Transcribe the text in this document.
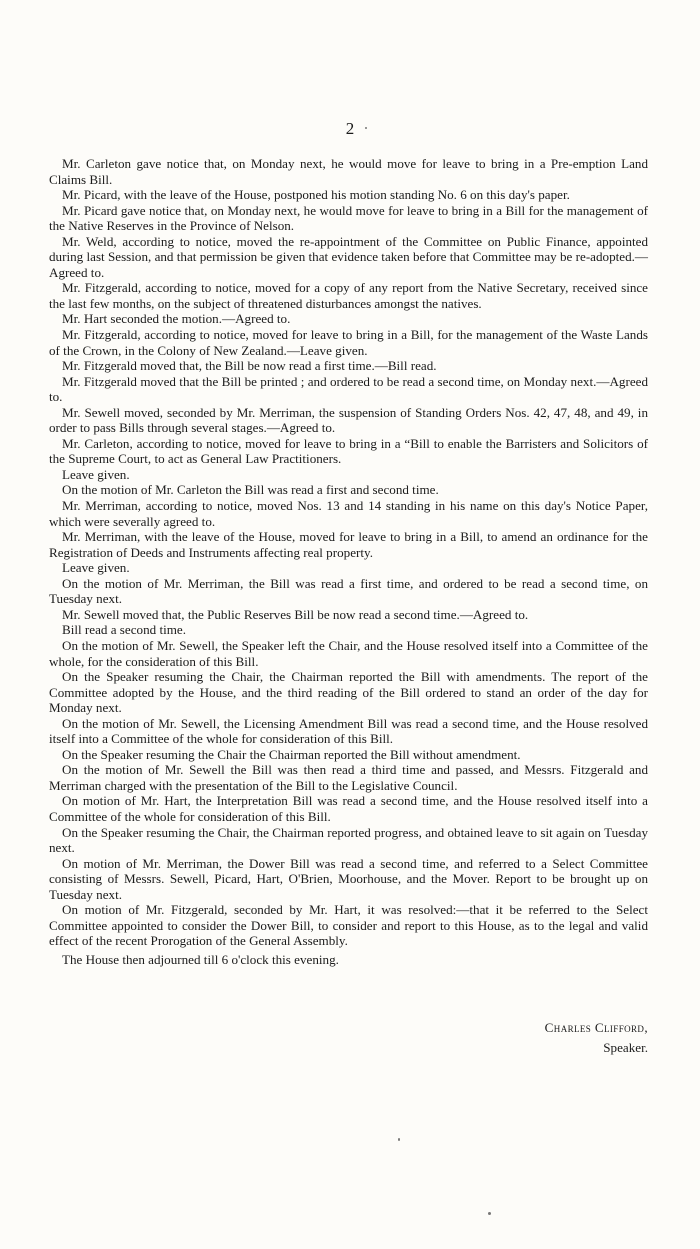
2

Mr. Carleton gave notice that, on Monday next, he would move for leave to bring in a Pre-emption Land Claims Bill.

Mr. Picard, with the leave of the House, postponed his motion standing No. 6 on this day's paper.

Mr. Picard gave notice that, on Monday next, he would move for leave to bring in a Bill for the management of the Native Reserves in the Province of Nelson.

Mr. Weld, according to notice, moved the re-appointment of the Committee on Public Finance, appointed during last Session, and that permission be given that evidence taken before that Committee may be re-adopted.—Agreed to.

Mr. Fitzgerald, according to notice, moved for a copy of any report from the Native Secretary, received since the last few months, on the subject of threatened disturbances amongst the natives.

Mr. Hart seconded the motion.—Agreed to.

Mr. Fitzgerald, according to notice, moved for leave to bring in a Bill, for the management of the Waste Lands of the Crown, in the Colony of New Zealand.—Leave given.

Mr. Fitzgerald moved that, the Bill be now read a first time.—Bill read.

Mr. Fitzgerald moved that the Bill be printed ; and ordered to be read a second time, on Monday next.—Agreed to.

Mr. Sewell moved, seconded by Mr. Merriman, the suspension of Standing Orders Nos. 42, 47, 48, and 49, in order to pass Bills through several stages.—Agreed to.

Mr. Carleton, according to notice, moved for leave to bring in a “Bill to enable the Barristers and Solicitors of the Supreme Court, to act as General Law Practitioners.

Leave given.

On the motion of Mr. Carleton the Bill was read a first and second time.

Mr. Merriman, according to notice, moved Nos. 13 and 14 standing in his name on this day's Notice Paper, which were severally agreed to.

Mr. Merriman, with the leave of the House, moved for leave to bring in a Bill, to amend an ordinance for the Registration of Deeds and Instruments affecting real property.

Leave given.

On the motion of Mr. Merriman, the Bill was read a first time, and ordered to be read a second time, on Tuesday next.

Mr. Sewell moved that, the Public Reserves Bill be now read a second time.—Agreed to.

Bill read a second time.

On the motion of Mr. Sewell, the Speaker left the Chair, and the House resolved itself into a Committee of the whole, for the consideration of this Bill.

On the Speaker resuming the Chair, the Chairman reported the Bill with amendments. The report of the Committee adopted by the House, and the third reading of the Bill ordered to stand an order of the day for Monday next.

On the motion of Mr. Sewell, the Licensing Amendment Bill was read a second time, and the House resolved itself into a Committee of the whole for consideration of this Bill.

On the Speaker resuming the Chair the Chairman reported the Bill without amendment.

On the motion of Mr. Sewell the Bill was then read a third time and passed, and Messrs. Fitzgerald and Merriman charged with the presentation of the Bill to the Legislative Council.

On motion of Mr. Hart, the Interpretation Bill was read a second time, and the House resolved itself into a Committee of the whole for consideration of this Bill.

On the Speaker resuming the Chair, the Chairman reported progress, and obtained leave to sit again on Tuesday next.

On motion of Mr. Merriman, the Dower Bill was read a second time, and referred to a Select Committee consisting of Messrs. Sewell, Picard, Hart, O'Brien, Moorhouse, and the Mover. Report to be brought up on Tuesday next.

On motion of Mr. Fitzgerald, seconded by Mr. Hart, it was resolved:—that it be referred to the Select Committee appointed to consider the Dower Bill, to consider and report to this House, as to the legal and valid effect of the recent Prorogation of the General Assembly.

The House then adjourned till 6 o'clock this evening.

Charles Clifford,
Speaker.
